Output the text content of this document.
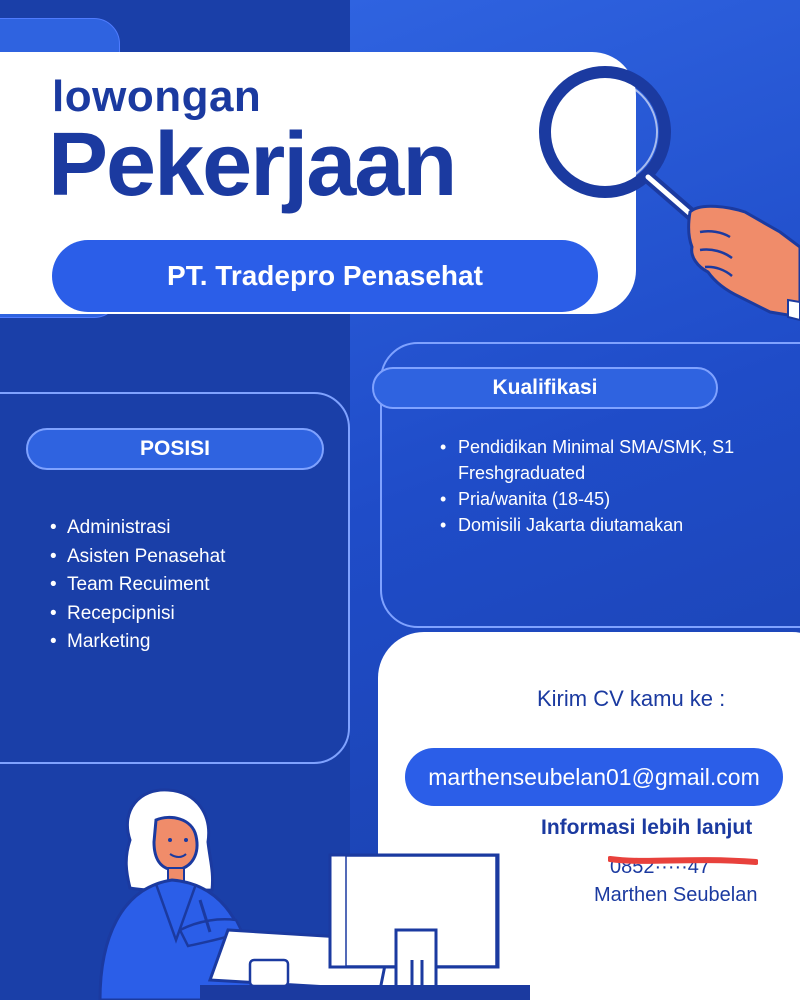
lowongan
Pekerjaan
PT. Tradepro Penasehat
Kualifikasi
• Pendidikan Minimal SMA/SMK, S1 Freshgraduated
• Pria/wanita (18-45)
• Domisili Jakarta diutamakan
POSISI
• Administrasi
• Asisten Penasehat
• Team Recuiment
• Recepcipnisi
• Marketing
Kirim CV kamu ke :
marthenseubelan01@gmail.com
Informasi lebih lanjut
0852·····47
Marthen Seubelan
